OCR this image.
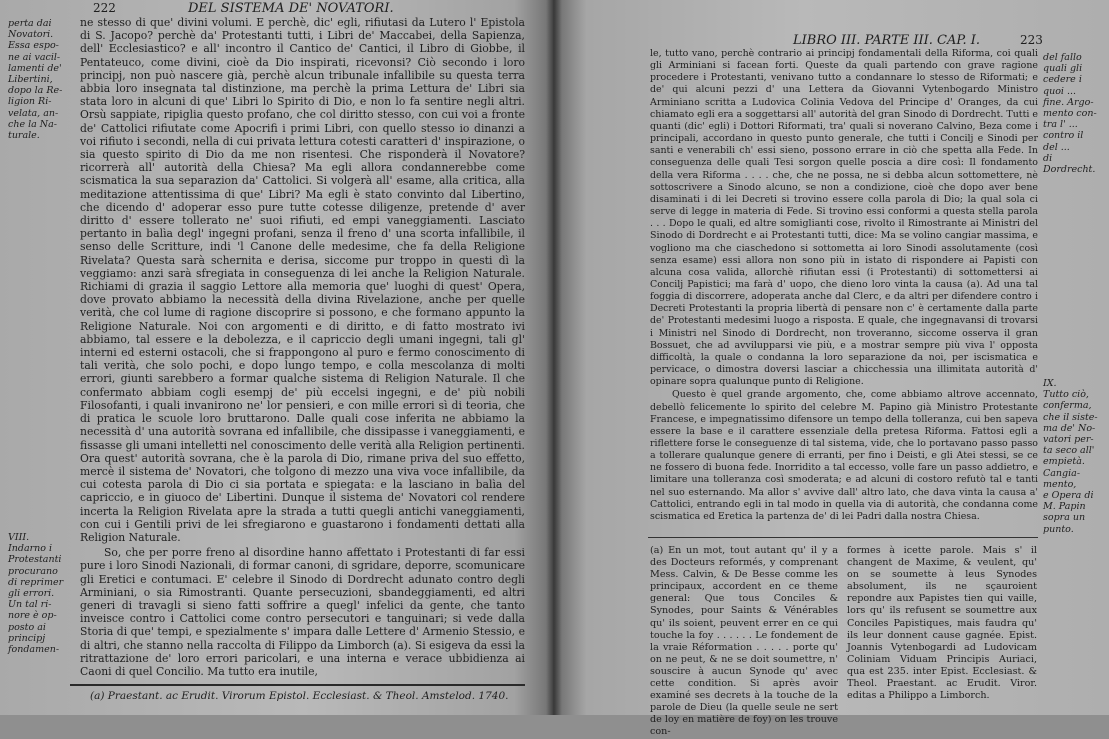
222	DEL SISTEMA DE' NOVATORI.
perta dai
Novatori.
Essa espo-
ne ai vacil-
lamenti de'
Libertini,
dopo la Re-
ligion Ri-
velata, an-
che la Na-
turale.
VIII.
Indarno i
Protestanti
procurano
di reprimer
gli errori.
Un tal ri-
nore è op-
posto ai
principj
fondamen-

ne stesso di que' divini volumi. E perchè, dic' egli, rifiutasi da Lutero l' Epistola di S. Jacopo? perchè da' Protestanti tutti, i Libri de' Maccabei, della Sapienza, dell' Ecclesiastico? e all' incontro il Cantico de' Cantici, il Libro di Giobbe, il Pentateuco, come divini, cioè da Dio inspirati, ricevonsi? Ciò secondo i loro principj, non può nascere già, perchè alcun tribunale infallibile su questa terra abbia loro insegnata tal distinzione, ma perchè la prima Lettura de' Libri sia stata loro in alcuni di que' Libri lo Spirito di Dio, e non lo fa sentire negli altri. Orsù sappiate, ripiglia questo profano, che col diritto stesso, con cui voi a fronte de' Cattolici rifiutate come Apocrifi i primi Libri, con quello stesso io dinanzi a voi rifiuto i secondi, nella di cui privata lettura cotesti caratteri d' inspirazione, o sia questo spirito di Dio da me non risentesi. Che risponderà il Novatore? ricorrerà all' autorità della Chiesa? Ma egli allora condannerebbe come scismatica la sua separazion da' Cattolici. Si volgerà all' esame, alla critica, alla meditazione attentissima di que' Libri? Ma egli è stato convinto dal Libertino, che dicendo d' adoperar esso pure tutte cotesse diligenze, pretende d' aver diritto d' essere tollerato ne' suoi rifiuti, ed empi vaneggiamenti. Lasciato pertanto in balìa degl' ingegni profani, senza il freno d' una scorta infallibile, il senso delle Scritture, indi 'l Canone delle medesime, che fa della Religione Rivelata? Questa sarà schernita e derisa, siccome pur troppo in questi dì la veggiamo: anzi sarà sfregiata in conseguenza di lei anche la Religion Naturale. Richiami di grazia il saggio Lettore alla memoria que' luoghi di quest' Opera, dove provato abbiamo la necessità della divina Rivelazione, anche per quelle verità, che col lume di ragione discoprire si possono, e che formano appunto la Religione Naturale. Noi con argomenti e di diritto, e di fatto mostrato ivi abbiamo, tal essere e la debolezza, e il capriccio degli umani ingegni, tali gl' interni ed esterni ostacoli, che si frappongono al puro e fermo conoscimento di tali verità, che solo pochi, e dopo lungo tempo, e colla mescolanza di molti errori, giunti sarebbero a formar qualche sistema di Religion Naturale. Il che confermato abbiam cogli esempj de' più eccelsi ingegni, e de' più nobili Filosofanti, i quali invanirono ne' lor pensieri, e con mille errori sì di teoria, che di pratica le scuole loro bruttarono. Dalle quali cose inferita ne abbiamo la necessità d' una autorità sovrana ed infallibile, che dissipasse i vaneggiamenti, e fissasse gli umani intelletti nel conoscimento delle verità alla Religion pertinenti. Ora quest' autorità sovrana, che è la parola di Dio, rimane priva del suo effetto, mercè il sistema de' Novatori, che tolgono di mezzo una viva voce infallibile, da cui cotesta parola di Dio ci sia portata e spiegata: e la lasciano in balìa del capriccio, e in giuoco de' Libertini. Dunque il sistema de' Novatori col rendere incerta la Religion Rivelata apre la strada a tutti quegli antichi vaneggiamenti, con cui i Gentili privi de lei sfregiarono e guastarono i fondamenti dettati alla Religion Naturale.

So, che per porre freno al disordine hanno affettato i Protestanti di far essi pure i loro Sinodi Nazionali, di formar canoni, di sgridare, deporre, scomunicare gli Eretici e contumaci. E' celebre il Sinodo di Dordrecht adunato contro degli Arminiani, o sia Rimostranti. Quante persecuzioni, sbandeggiamenti, ed altri generi di travagli si sieno fatti soffrire a quegl' infelici da gente, che tanto inveisce contro i Cattolici come contro persecutori e tanguinari; si vede dalla Storia di que' tempi, e spezialmente s' impara dalle Lettere d' Armenio Stessio, e di altri, che stanno nella raccolta di Filippo da Limborch (a). Si esigeva da essi la ritrattazione de' loro errori paricolari, e una interna e verace ubbidienza ai Caoni di quel Concilio. Ma tutto era inutile,

(a) Praestant. ac Erudit. Virorum Epistol. Ecclesiast. & Theol. Amstelod. 1740.
LIBRO III. PARTE III. CAP. I.	223
del fallo
quali gli
cedere i
quoi ...
fine. Argo-
mento con-
tra l' ...
contro il
del ...
di Dordrecht.
IX.
Tutto ciò,
conferma,
che il siste-
ma de' No-
vatori per-
ta seco all'
empietà.
Cangia-
mento,
e Opera di
M. Papin
sopra un
punto.

le, tutto vano, perchè contrario ai principj fondamentali della Riforma, coi quali gli Arminiani si facean forti. Queste da quali partendo con grave ragione procedere i Protestanti, venivano tutto a condannare lo stesso de Riformati; e de' qui alcuni pezzi d' una Lettera da Giovanni Vytenbogardo Ministro Arminiano scritta a Ludovica Colinia Vedova del Principe d' Oranges, da cui chiamato egli era a soggettarsi all' autorità del gran Sinodo di Dordrecht. Tutti e quanti (dic' egli) i Dottori Riformati, tra' quali si noverano Calvino, Beza come i principali, accordano in questo punto generale, che tutti i Concilj e Sinodi per santi e venerabili ch' essi sieno, possono errare in ciò che spetta alla Fede. In conseguenza delle quali Tesi sorgon quelle poscia a dire così: Il fondamento della vera Riforma . . . . che, che ne possa, ne si debba alcun sottomettere, nè sottoscrivere a Sinodo alcuno, se non a condizione, cioè che dopo aver bene disaminati i di lei Decreti si trovino essere colla parola di Dio; la qual sola ci serve di legge in materia di Fede. Si trovino essi conformi a questa stella parola . . . Dopo le quali, ed altre somiglianti cose, rivolto il Rimostrante ai Ministri del Sinodo di Dordrecht e ai Protestanti tutti, dice: Ma se volino cangiar massima, e vogliono ma che ciaschedono si sottometta ai loro Sinodi assolutamente (così senza esame) essi allora non sono più in istato di rispondere ai Papisti con alcuna cosa valida, allorchè rifiutan essi (i Protestanti) di sottomettersi ai Concilj Papistici; ma farà d' uopo, che dieno loro vinta la causa (a). Ad una tal foggia di discorrere, adoperata anche dal Clerc, e da altri per difendere contro i Decreti Protestanti la propria libertà di pensare non c' è certamente dalla parte de' Protestanti medesimi luogo a risposta. E quale, che ingegnavansi di trovarsi i Ministri nel Sinodo di Dordrecht, non troveranno, siccome osserva il gran Bossuet, che ad avvilupparsi vie più, e a mostrar sempre più viva l' opposta difficoltà, la quale o condanna la loro separazione da noi, per iscismatica e pervicace, o dimostra doversi lasciar a chicchessia una illimitata autorità d' opinare sopra qualunque punto di Religione.

Questo è quel grande argomento, che, come abbiamo altrove accennato, debellò felicemente lo spirito del celebre M. Papino già Ministro Protestante Francese, e impegnatissimo difensore un tempo della tolleranza, cui ben sapeva essere la base e il carattere essenziale della pretesa Riforma. Fattosi egli a riflettere forse le conseguenze di tal sistema, vide, che lo portavano passo passo a tollerare qualunque genere di erranti, per fino i Deisti, e gli Atei stessi, se ce ne fossero di buona fede. Inorridito a tal eccesso, volle fare un passo addietro, e limitare una tolleranza così smoderata; e ad alcuni di costoro refutò tal e tanti nel suo esternando. Ma allor s' avvive dall' altro lato, che dava vinta la causa a' Cattolici, entrando egli in tal modo in quella via di autorità, che condanna come scismatica ed Eretica la partenza de' di lei Padri dalla nostra Chiesa.

(a) En un mot, tout autant qu' il y a des Docteurs reformés, y comprenant Mess. Calvin, & De Besse comme les principaux, accordent en ce theme general: Que tous Conciles & Synodes, pour Saints & Vénérables qu' ils soient, peuvent errer en ce qui touche la foy . . . . . . Le fondement de la vraie Réformation . . . . . porte qu' on ne peut, & ne se doit soumettre, n' souscire à aucun Synode qu' avec cette condition. Si après avoir examiné ses decrets à la touche de la parole de Dieu (la quelle seule ne sert de loy en matière de foy) on les trouve con-
formes à icette parole. Mais s' il changent de Maxime, & veulent, qu' on se soumette à leus Synodes absolument, ils ne sçauroient repondre aux Papistes tien qui vaille, lors qu' ils refusent se soumettre aux Conciles Papistiques, mais faudra qu' ils leur donnent cause gagnée. Epist. Joannis Vytenbogardi ad Ludovicam Coliniam Viduam Principis Auriaci, qua est 235. inter Epist. Ecclesiast. & Theol. Praestant. ac Erudit. Viror. editas a Philippo a Limborch.
